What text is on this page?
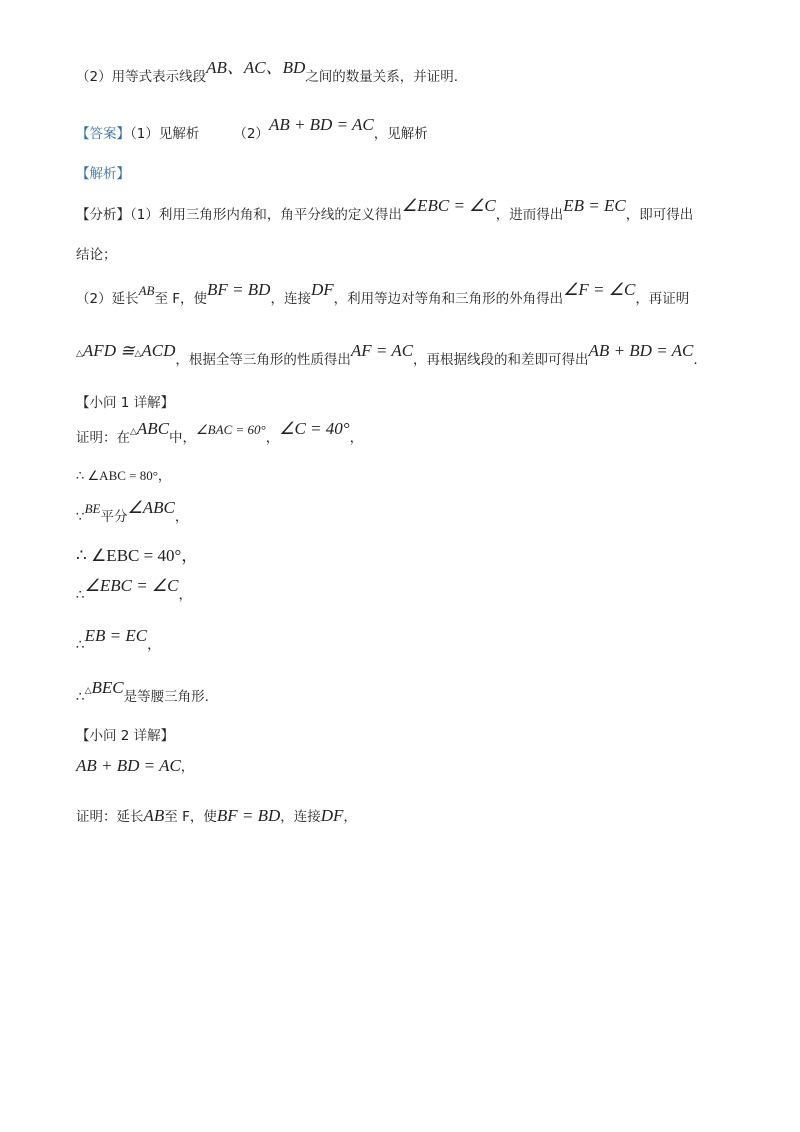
（2）用等式表示线段AB、AC、BD之间的数量关系，并证明.
【答案】（1）见解析	（2）AB + BD = AC，见解析
【解析】
【分析】（1）利用三角形内角和，角平分线的定义得出∠EBC = ∠C，进而得出EB = EC，即可得出
结论；
（2）延长AB至 F，使BF = BD，连接DF，利用等边对等角和三角形的外角得出∠F = ∠C，再证明
△AFD ≅△ACD，根据全等三角形的性质得出AF = AC，再根据线段的和差即可得出AB + BD = AC.
【小问 1 详解】
证明：在△ABC中，∠BAC = 60°，∠C = 40°，
∴ ∠ABC = 80°，
∵BE平分∠ABC，
∴ ∠EBC = 40°，
∴∠EBC = ∠C，
∴EB = EC，
∴△BEC是等腰三角形.
【小问 2 详解】
AB + BD = AC，
证明：延长AB至 F，使BF = BD，连接DF，
